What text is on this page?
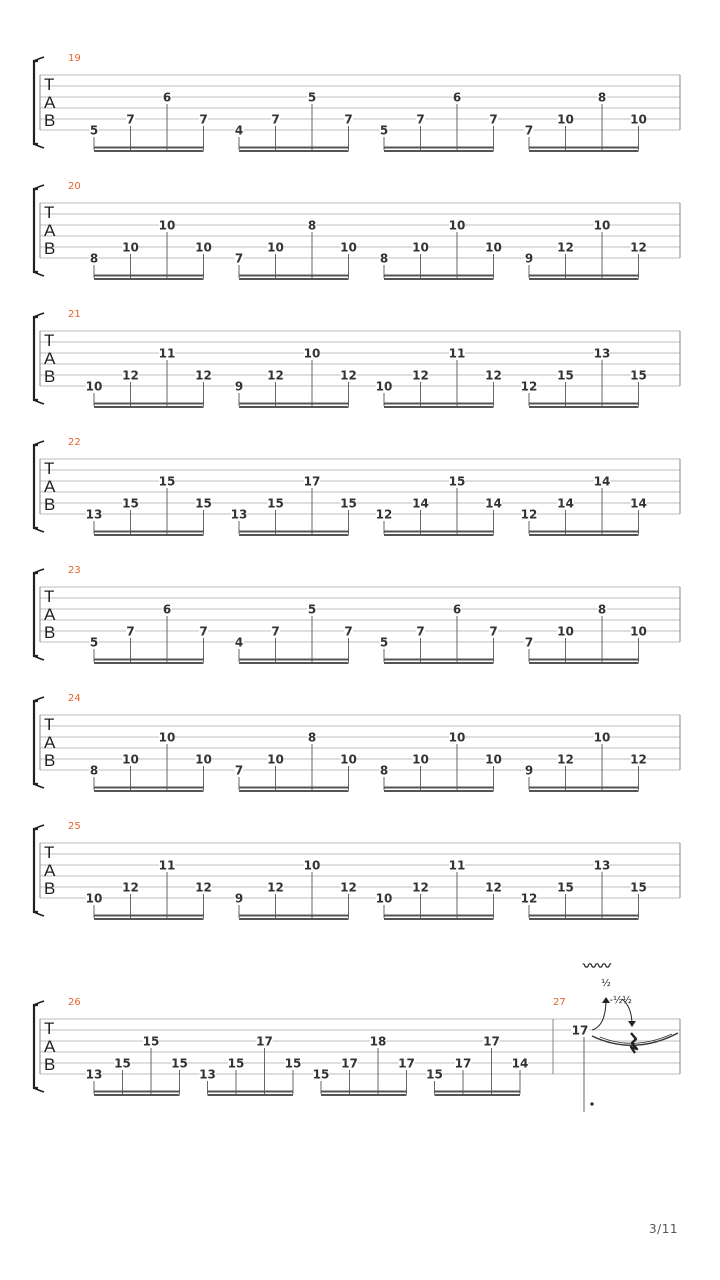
T
A
B
19
5
7
6
7
4
7
5
7
5
7
6
7
7
10
8
10
T
A
B
20
8
10
10
10
7
10
8
10
8
10
10
10
9
12
10
12
T
A
B
21
10
12
11
12
9
12
10
12
10
12
11
12
12
15
13
15
T
A
B
22
13
15
15
15
13
15
17
15
12
14
15
14
12
14
14
14
T
A
B
23
5
7
6
7
4
7
5
7
5
7
6
7
7
10
8
10
T
A
B
24
8
10
10
10
7
10
8
10
8
10
10
10
9
12
10
12
T
A
B
25
10
12
11
12
9
12
10
12
10
12
11
12
12
15
13
15
T
A
B
26
13
15
15
15
13
15
17
15
15
17
18
17
15
17
17
14
27
17
½
-½ ½
〰〰
3/11
